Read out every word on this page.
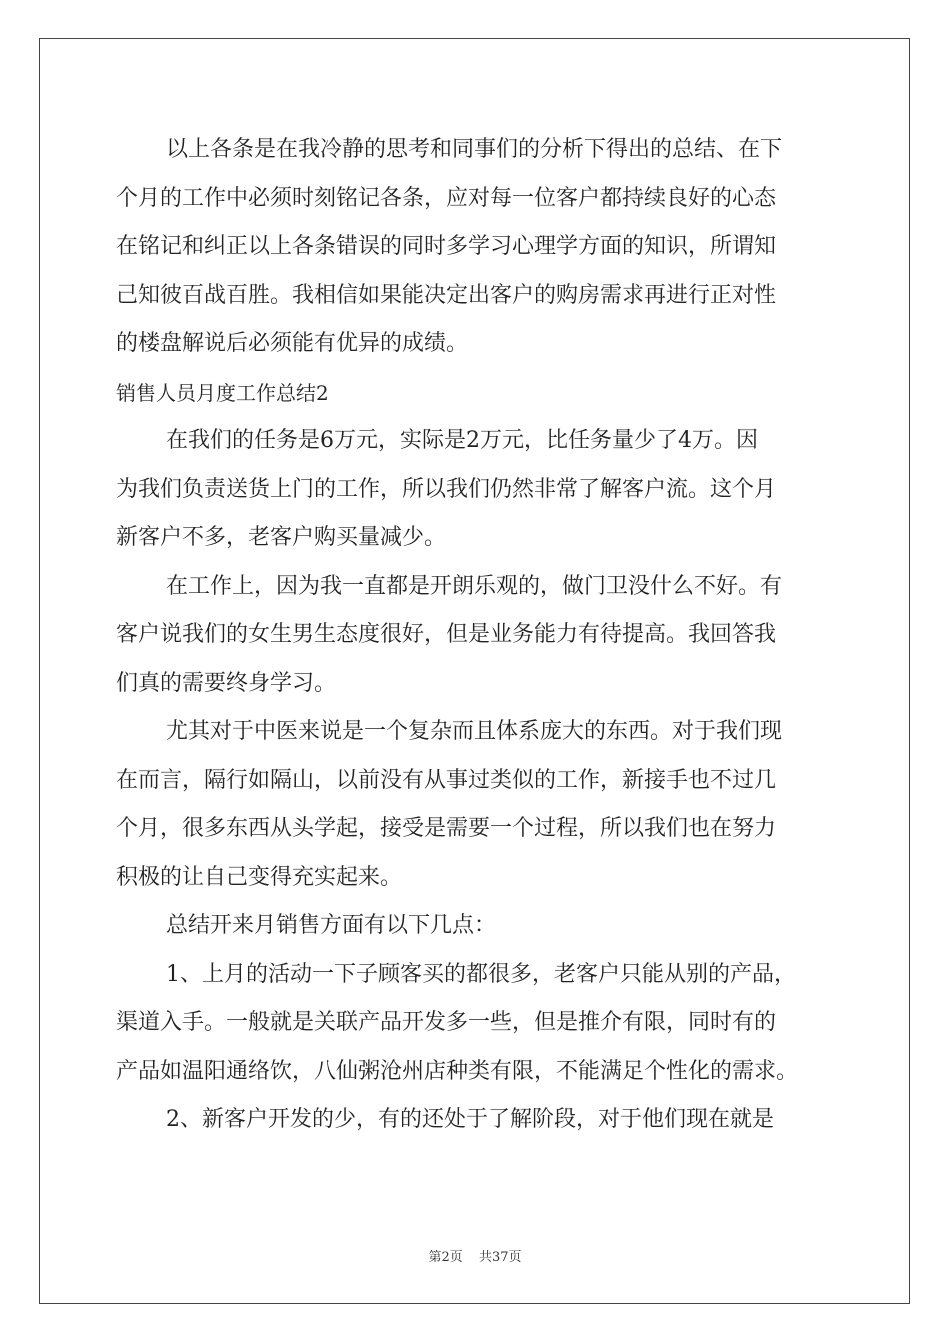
以上各条是在我冷静的思考和同事们的分析下得出的总结、在下
个月的工作中必须时刻铭记各条，应对每一位客户都持续良好的心态
在铭记和纠正以上各条错误的同时多学习心理学方面的知识，所谓知
己知彼百战百胜。我相信如果能决定出客户的购房需求再进行正对性
的楼盘解说后必须能有优异的成绩。
销售人员月度工作总结2
在我们的任务是6万元，实际是2万元，比任务量少了4万。因
为我们负责送货上门的工作，所以我们仍然非常了解客户流。这个月
新客户不多，老客户购买量减少。
在工作上，因为我一直都是开朗乐观的，做门卫没什么不好。有
客户说我们的女生男生态度很好，但是业务能力有待提高。我回答我
们真的需要终身学习。
尤其对于中医来说是一个复杂而且体系庞大的东西。对于我们现
在而言，隔行如隔山，以前没有从事过类似的工作，新接手也不过几
个月，很多东西从头学起，接受是需要一个过程，所以我们也在努力
积极的让自己变得充实起来。
总结开来月销售方面有以下几点：
1、上月的活动一下子顾客买的都很多，老客户只能从别的产品，
渠道入手。一般就是关联产品开发多一些，但是推介有限，同时有的
产品如温阳通络饮，八仙粥沧州店种类有限，不能满足个性化的需求。
2、新客户开发的少，有的还处于了解阶段，对于他们现在就是
第2页 共37页
